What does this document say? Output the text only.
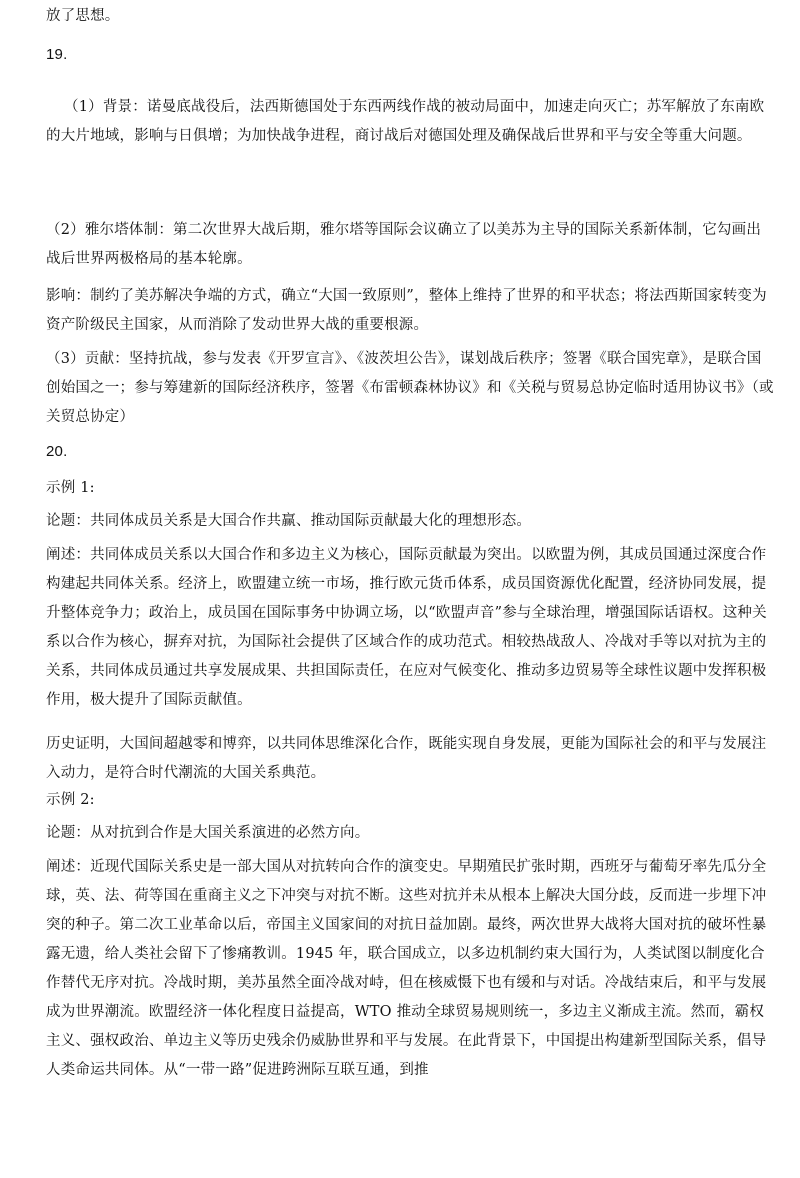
放了思想。
19.
（1）背景：诺曼底战役后，法西斯德国处于东西两线作战的被动局面中，加速走向灭亡；苏军解放了东南欧的大片地域，影响与日俱增；为加快战争进程，商讨战后对德国处理及确保战后世界和平与安全等重大问题。
（2）雅尔塔体制：第二次世界大战后期，雅尔塔等国际会议确立了以美苏为主导的国际关系新体制，它勾画出战后世界两极格局的基本轮廓。
影响：制约了美苏解决争端的方式，确立“大国一致原则”，整体上维持了世界的和平状态；将法西斯国家转变为资产阶级民主国家，从而消除了发动世界大战的重要根源。
（3）贡献：坚持抗战，参与发表《开罗宣言》、《波茨坦公告》，谋划战后秩序；签署《联合国宪章》，是联合国创始国之一；参与筹建新的国际经济秩序，签署《布雷顿森林协议》和《关税与贸易总协定临时适用协议书》（或关贸总协定）
20.
示例 1:
论题：共同体成员关系是大国合作共赢、推动国际贡献最大化的理想形态。
阐述：共同体成员关系以大国合作和多边主义为核心，国际贡献最为突出。以欧盟为例，其成员国通过深度合作构建起共同体关系。经济上，欧盟建立统一市场，推行欧元货币体系，成员国资源优化配置，经济协同发展，提升整体竞争力；政治上，成员国在国际事务中协调立场，以“欧盟声音”参与全球治理，增强国际话语权。这种关系以合作为核心，摒弃对抗，为国际社会提供了区域合作的成功范式。相较热战敌人、冷战对手等以对抗为主的关系，共同体成员通过共享发展成果、共担国际责任，在应对气候变化、推动多边贸易等全球性议题中发挥积极作用，极大提升了国际贡献值。
历史证明，大国间超越零和博弈，以共同体思维深化合作，既能实现自身发展，更能为国际社会的和平与发展注入动力，是符合时代潮流的大国关系典范。
示例 2:
论题：从对抗到合作是大国关系演进的必然方向。
阐述：近现代国际关系史是一部大国从对抗转向合作的演变史。早期殖民扩张时期，西班牙与葡萄牙率先瓜分全球，英、法、荷等国在重商主义之下冲突与对抗不断。这些对抗并未从根本上解决大国分歧，反而进一步埋下冲突的种子。第二次工业革命以后，帝国主义国家间的对抗日益加剧。最终，两次世界大战将大国对抗的破坏性暴露无遗，给人类社会留下了惨痛教训。1945 年，联合国成立，以多边机制约束大国行为，人类试图以制度化合作替代无序对抗。冷战时期，美苏虽然全面冷战对峙，但在核威慑下也有缓和与对话。冷战结束后，和平与发展成为世界潮流。欧盟经济一体化程度日益提高，WTO 推动全球贸易规则统一，多边主义渐成主流。然而，霸权主义、强权政治、单边主义等历史残余仍威胁世界和平与发展。在此背景下，中国提出构建新型国际关系，倡导人类命运共同体。从“一带一路”促进跨洲际互联互通，到推
